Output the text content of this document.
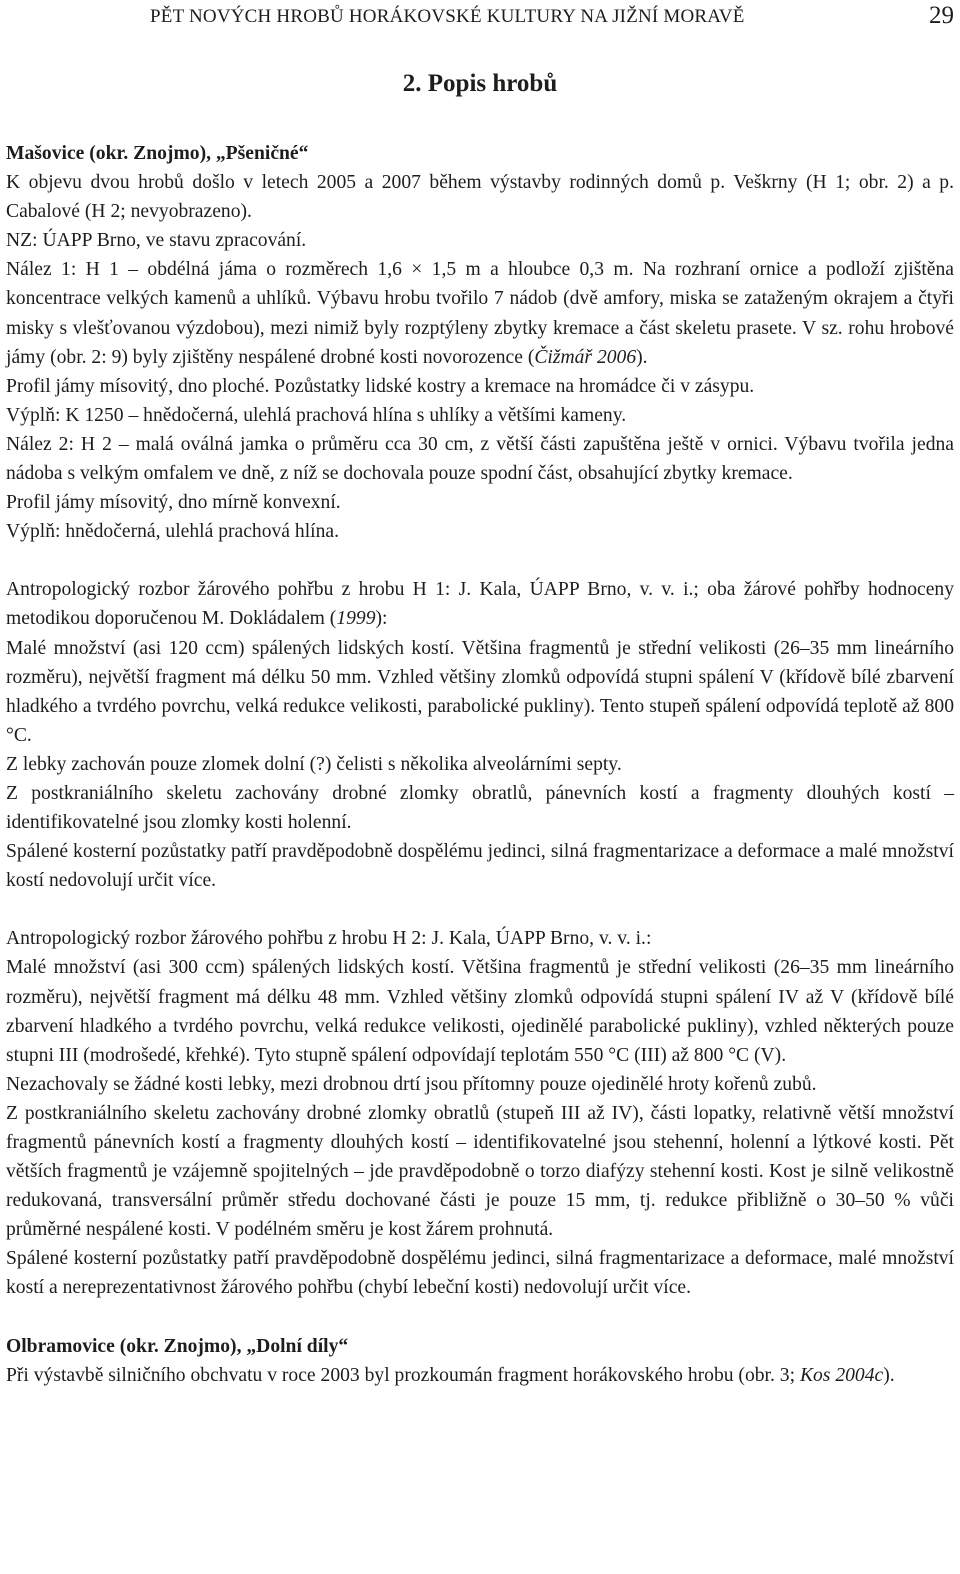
PĚT NOVÝCH HROBŮ HORÁKOVSKÉ KULTURY NA JIŽNÍ MORAVĚ	29
2. Popis hrobů
Mašovice (okr. Znojmo), „Pšeničné“

K objevu dvou hrobů došlo v letech 2005 a 2007 během výstavby rodinných domů p. Veškrny (H 1; obr. 2) a p. Cabalové (H 2; nevyobrazeno).

NZ: ÚAPP Brno, ve stavu zpracování.

Nález 1: H 1 – obdélná jáma o rozměrech 1,6 × 1,5 m a hloubce 0,3 m. Na rozhraní ornice a podloží zjištěna koncentrace velkých kamenů a uhlíků. Výbavu hrobu tvořilo 7 nádob (dvě amfory, miska se zataženým okrajem a čtyři misky s vlešťovanou výzdobou), mezi nimiž byly rozptýleny zbytky kremace a část skeletu prasete. V sz. rohu hrobové jámy (obr. 2: 9) byly zjištěny nespálené drobné kosti novorozence (Čižmář 2006).

Profil jámy mísovitý, dno ploché. Pozůstatky lidské kostry a kremace na hromádce či v zásypu.

Výplň: K 1250 – hnědočerná, ulehlá prachová hlína s uhlíky a většími kameny.

Nález 2: H 2 – malá oválná jamka o průměru cca 30 cm, z větší části zapuštěna ještě v ornici. Výbavu tvořila jedna nádoba s velkým omfalem ve dně, z níž se dochovala pouze spodní část, obsahující zbytky kremace.

Profil jámy mísovitý, dno mírně konvexní.

Výplň: hnědočerná, ulehlá prachová hlína.

Antropologický rozbor žárového pohřbu z hrobu H 1: J. Kala, ÚAPP Brno, v. v. i.; oba žárové pohřby hodnoceny metodikou doporučenou M. Dokládalem (1999):

Malé množství (asi 120 ccm) spálených lidských kostí. Většina fragmentů je střední velikosti (26–35 mm lineárního rozměru), největší fragment má délku 50 mm. Vzhled většiny zlomků odpovídá stupni spálení V (křídově bílé zbarvení hladkého a tvrdého povrchu, velká redukce velikosti, parabolické pukliny). Tento stupeň spálení odpovídá teplotě až 800 °C.

Z lebky zachován pouze zlomek dolní (?) čelisti s několika alveolárními septy.

Z postkraniálního skeletu zachovány drobné zlomky obratlů, pánevních kostí a fragmenty dlouhých kostí – identifikovatelné jsou zlomky kosti holenní.

Spálené kosterní pozůstatky patří pravděpodobně dospělému jedinci, silná fragmentarizace a deformace a malé množství kostí nedovolují určit více.

Antropologický rozbor žárového pohřbu z hrobu H 2: J. Kala, ÚAPP Brno, v. v. i.:

Malé množství (asi 300 ccm) spálených lidských kostí. Většina fragmentů je střední velikosti (26–35 mm lineárního rozměru), největší fragment má délku 48 mm. Vzhled většiny zlomků odpovídá stupni spálení IV až V (křídově bílé zbarvení hladkého a tvrdého povrchu, velká redukce velikosti, ojedinělé parabolické pukliny), vzhled některých pouze stupni III (modrošedé, křehké). Tyto stupně spálení odpovídají teplotám 550 °C (III) až 800 °C (V).

Nezachovaly se žádné kosti lebky, mezi drobnou drtí jsou přítomny pouze ojedinělé hroty kořenů zubů.

Z postkraniálního skeletu zachovány drobné zlomky obratlů (stupeň III až IV), části lopatky, relativně větší množství fragmentů pánevních kostí a fragmenty dlouhých kostí – identifikovatelné jsou stehenní, holenní a lýtkové kosti. Pět větších fragmentů je vzájemně spojitelných – jde pravděpodobně o torzo diafýzy stehenní kosti. Kost je silně velikostně redukovaná, transversální průměr středu dochované části je pouze 15 mm, tj. redukce přibližně o 30–50 % vůči průměrné nespálené kosti. V podélném směru je kost žárem prohnutá.

Spálené kosterní pozůstatky patří pravděpodobně dospělému jedinci, silná fragmentarizace a deformace, malé množství kostí a nereprezentativnost žárového pohřbu (chybí lebeční kosti) nedovolují určit více.

Olbramovice (okr. Znojmo), „Dolní díly“

Při výstavbě silničního obchvatu v roce 2003 byl prozkoumán fragment horákovského hrobu (obr. 3; Kos 2004c).
